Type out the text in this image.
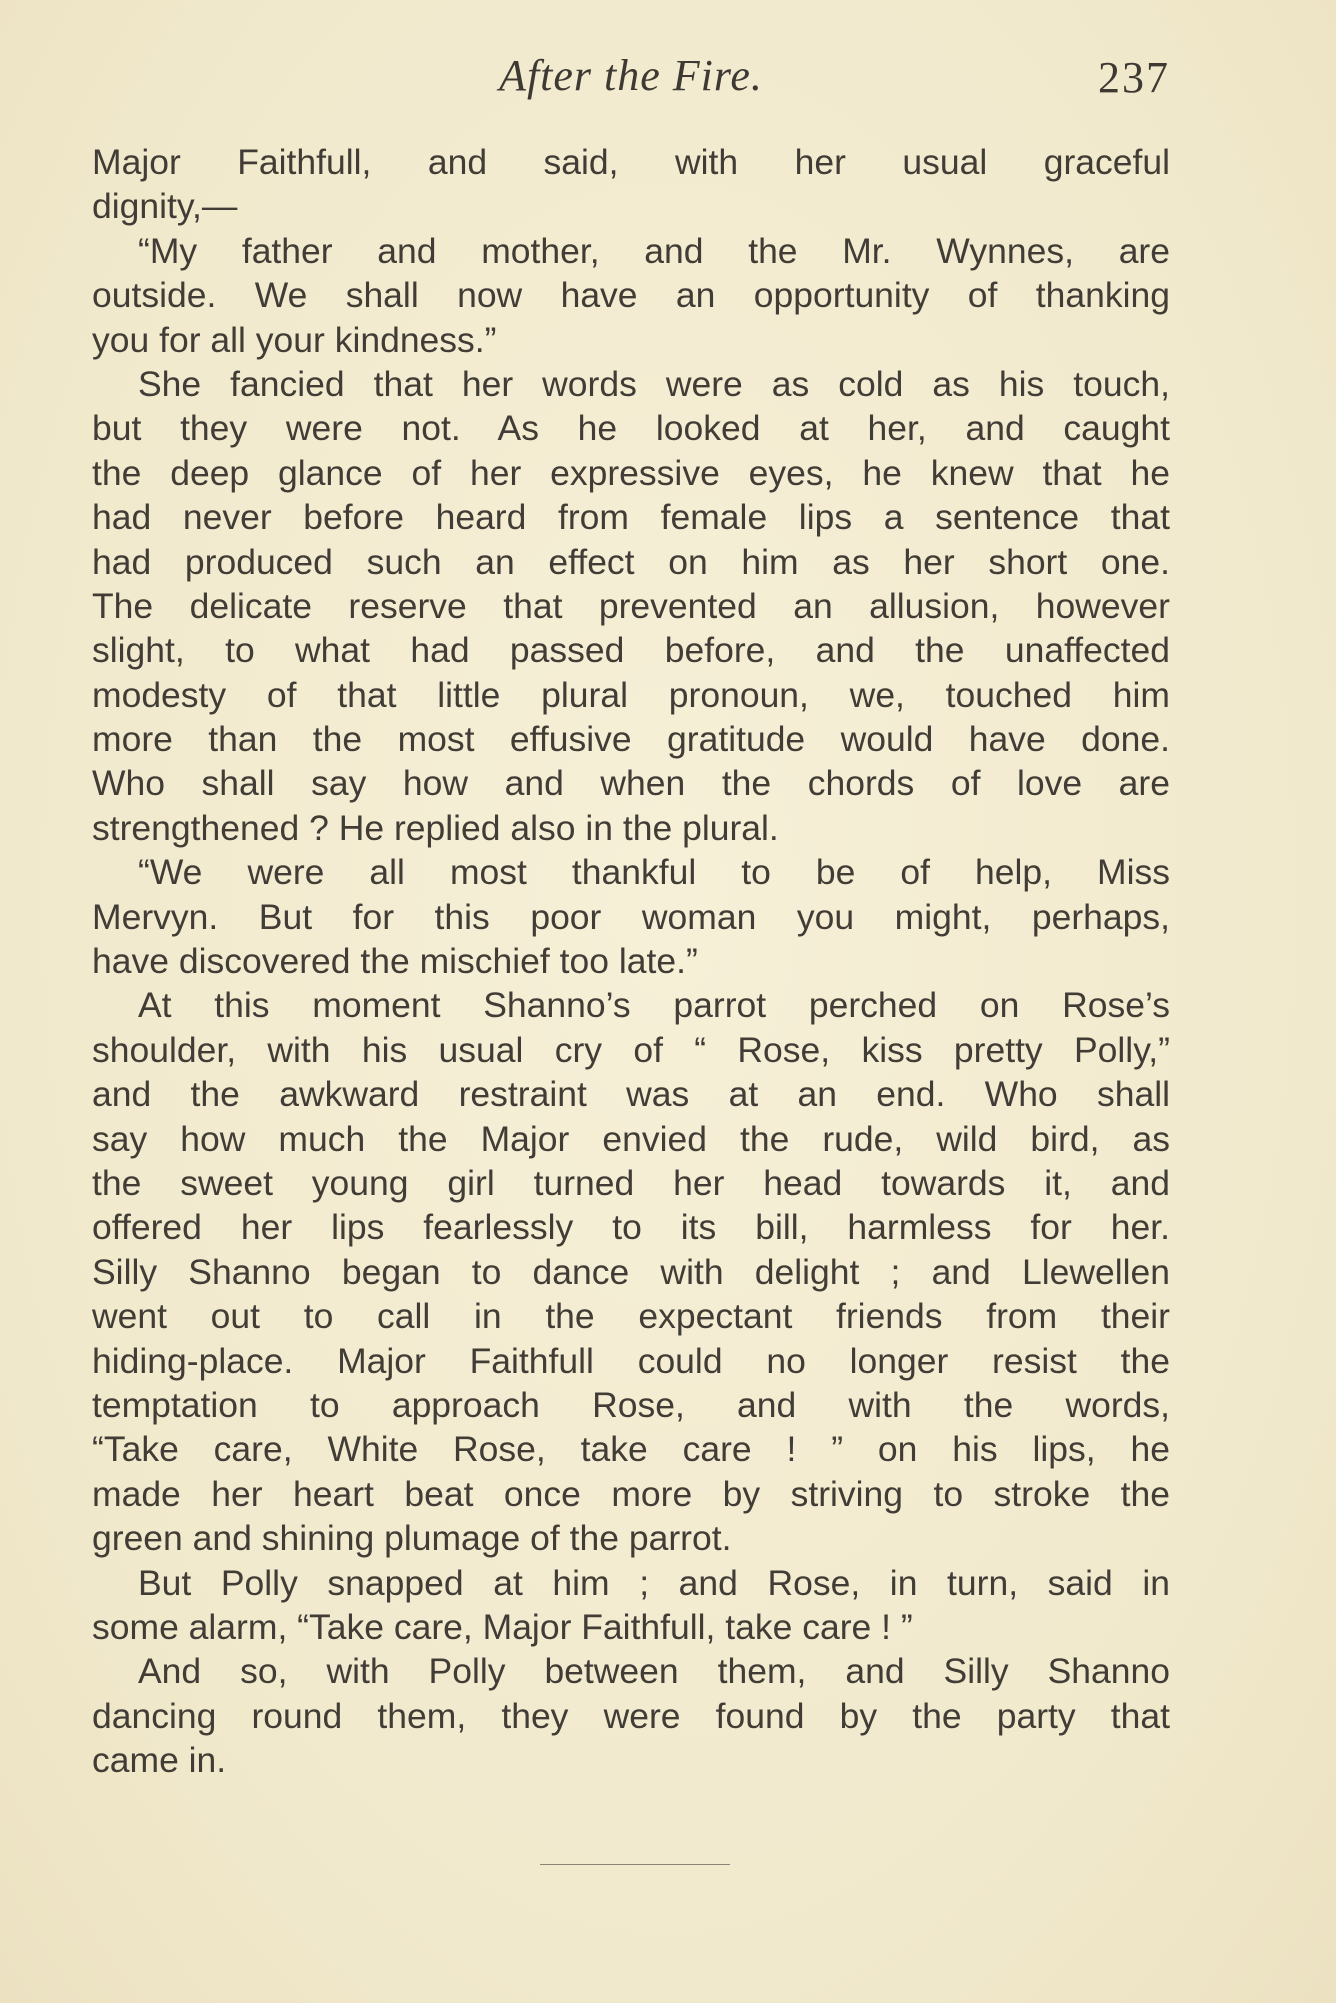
After the Fire.	237
Major Faithfull, and said, with her usual graceful
dignity,—
“My father and mother, and the Mr. Wynnes, are
outside. We shall now have an opportunity of thanking
you for all your kindness.”
She fancied that her words were as cold as his touch,
but they were not. As he looked at her, and caught
the deep glance of her expressive eyes, he knew that he
had never before heard from female lips a sentence that
had produced such an effect on him as her short one.
The delicate reserve that prevented an allusion, however
slight, to what had passed before, and the unaffected
modesty of that little plural pronoun, we, touched him
more than the most effusive gratitude would have done.
Who shall say how and when the chords of love are
strengthened ? He replied also in the plural.
“We were all most thankful to be of help, Miss
Mervyn. But for this poor woman you might, perhaps,
have discovered the mischief too late.”
At this moment Shanno’s parrot perched on Rose’s
shoulder, with his usual cry of “ Rose, kiss pretty Polly,”
and the awkward restraint was at an end. Who shall
say how much the Major envied the rude, wild bird, as
the sweet young girl turned her head towards it, and
offered her lips fearlessly to its bill, harmless for her.
Silly Shanno began to dance with delight ; and Llewellen
went out to call in the expectant friends from their
hiding-place. Major Faithfull could no longer resist the
temptation to approach Rose, and with the words,
“Take care, White Rose, take care ! ” on his lips, he
made her heart beat once more by striving to stroke the
green and shining plumage of the parrot.
But Polly snapped at him ; and Rose, in turn, said in
some alarm, “Take care, Major Faithfull, take care ! ”
And so, with Polly between them, and Silly Shanno
dancing round them, they were found by the party that
came in.
